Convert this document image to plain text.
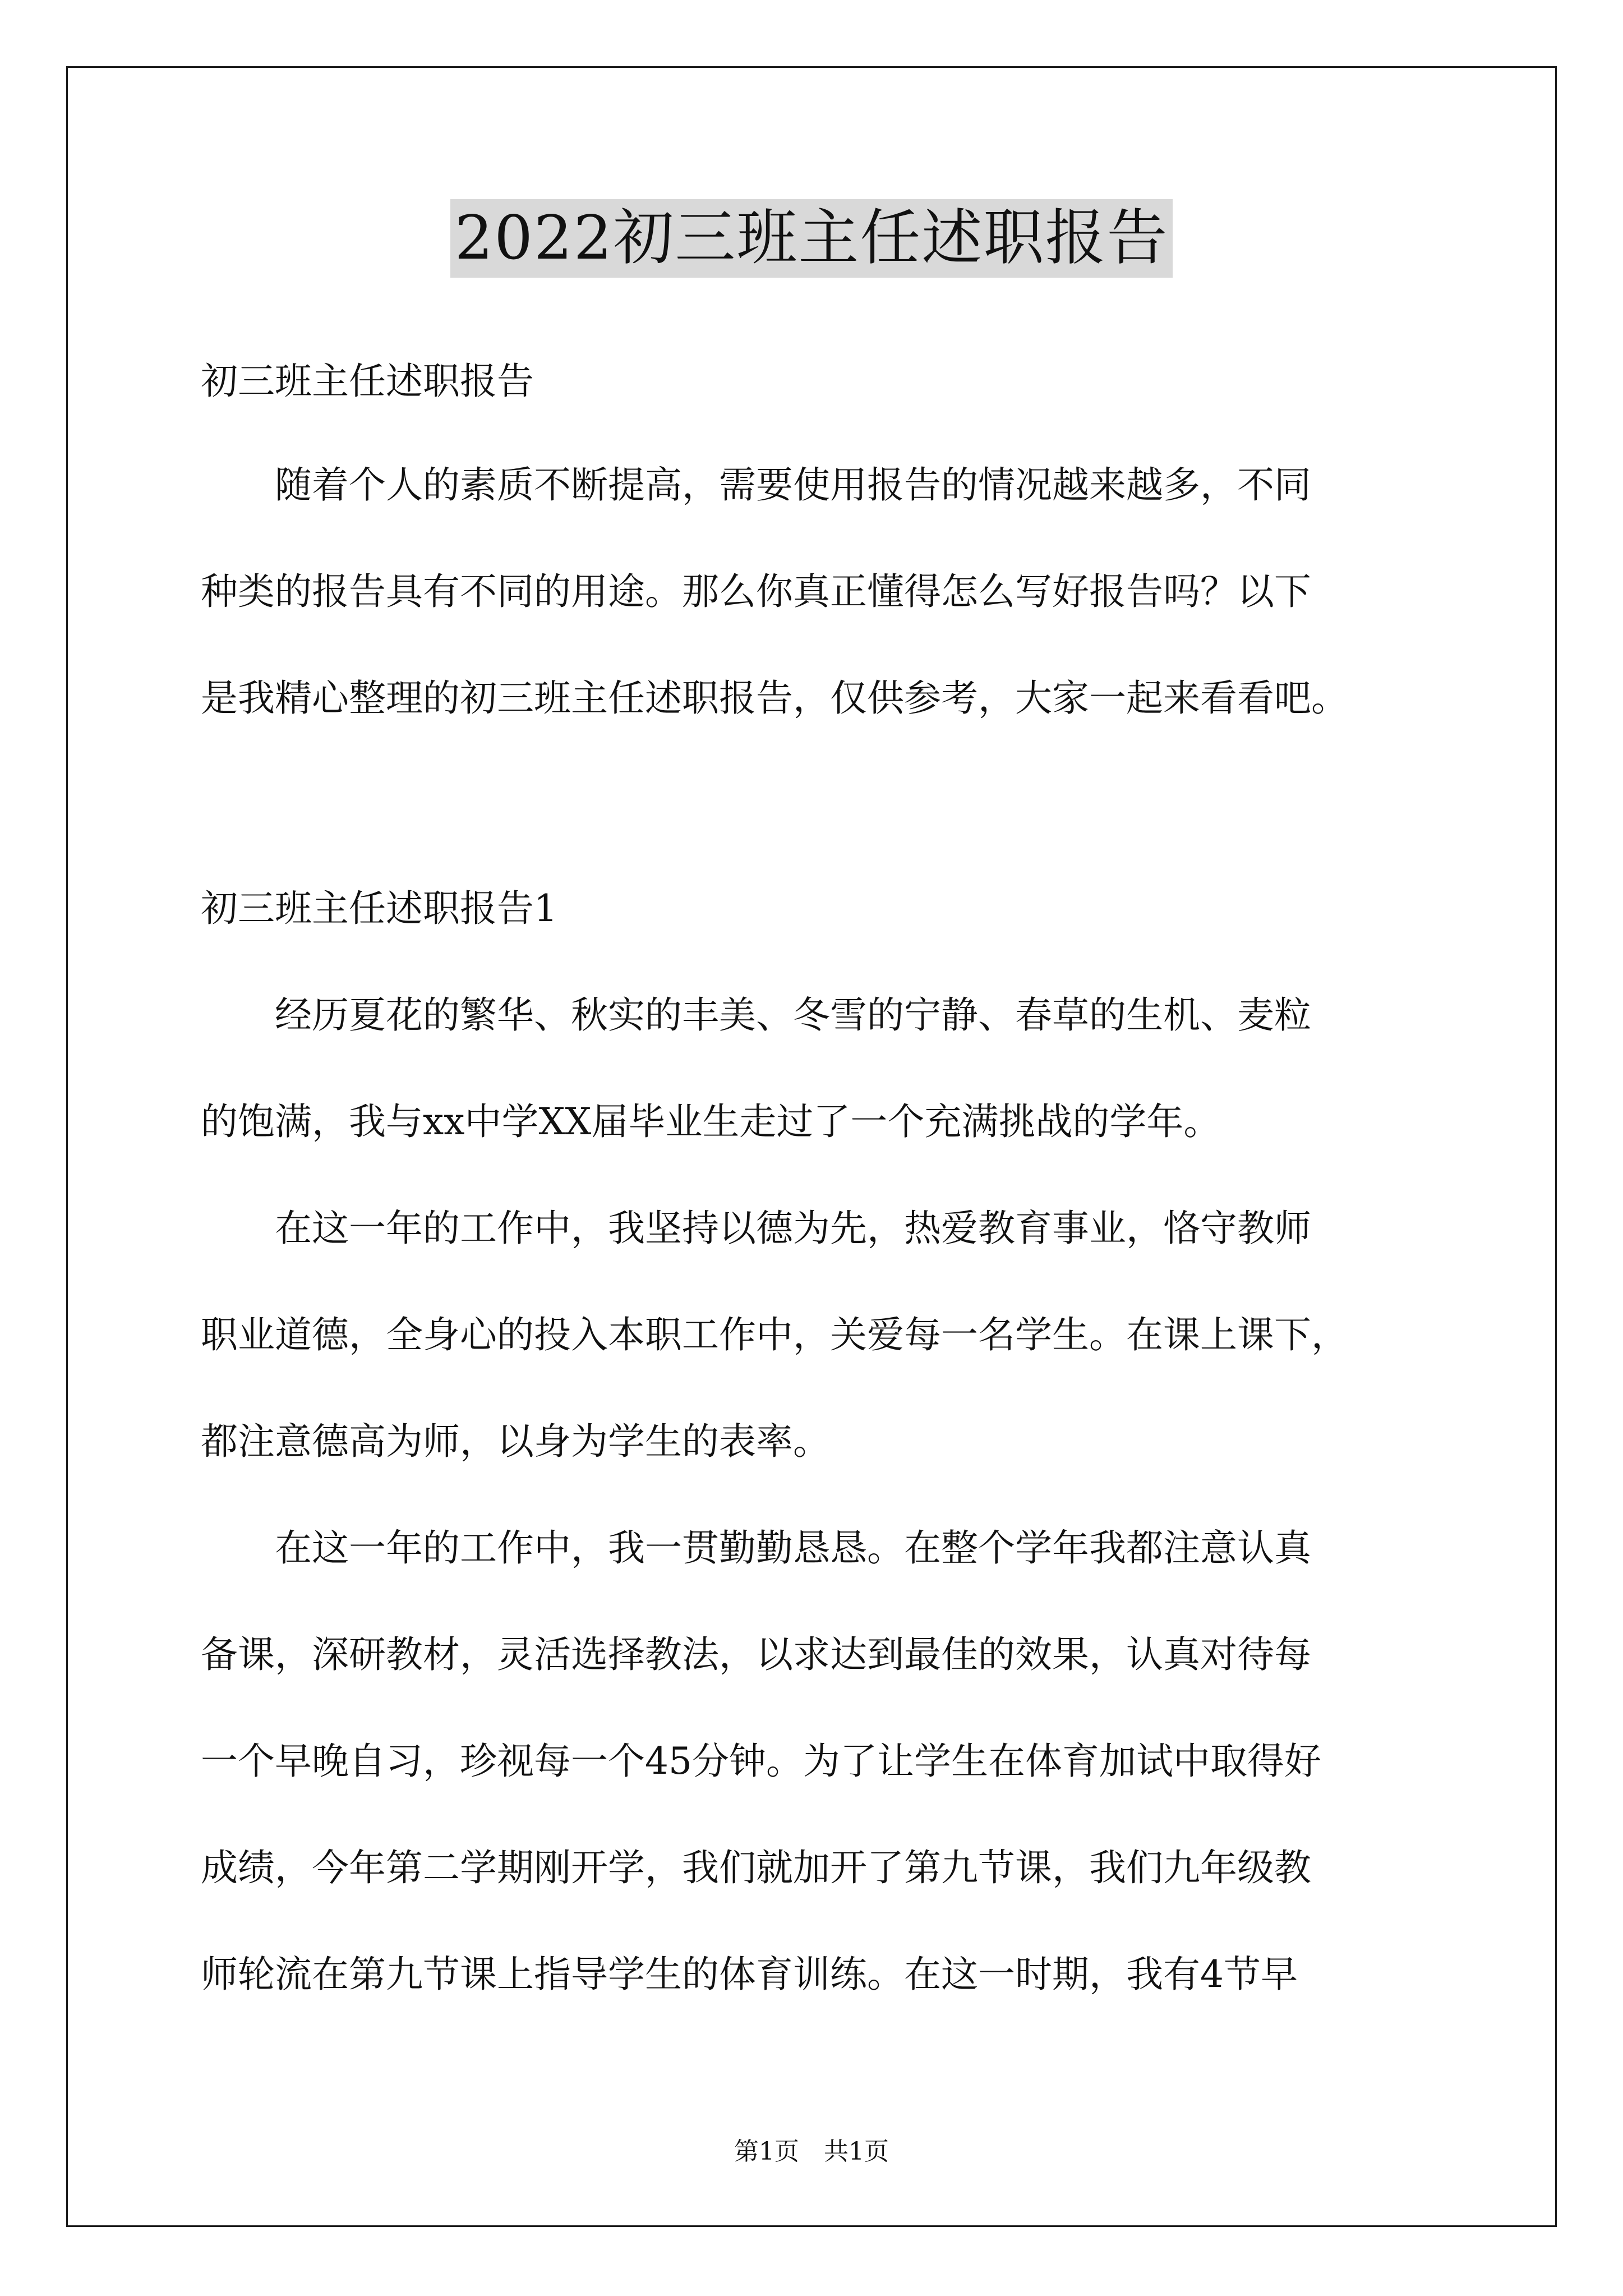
2022初三班主任述职报告
初三班主任述职报告
　　随着个人的素质不断提高，需要使用报告的情况越来越多，不同
种类的报告具有不同的用途。那么你真正懂得怎么写好报告吗？以下
是我精心整理的初三班主任述职报告，仅供参考，大家一起来看看吧。
初三班主任述职报告1
　　经历夏花的繁华、秋实的丰美、冬雪的宁静、春草的生机、麦粒
的饱满，我与xx中学XX届毕业生走过了一个充满挑战的学年。
　　在这一年的工作中，我坚持以德为先，热爱教育事业，恪守教师
职业道德，全身心的投入本职工作中，关爱每一名学生。在课上课下，
都注意德高为师，以身为学生的表率。
　　在这一年的工作中，我一贯勤勤恳恳。在整个学年我都注意认真
备课，深研教材，灵活选择教法，以求达到最佳的效果，认真对待每
一个早晚自习，珍视每一个45分钟。为了让学生在体育加试中取得好
成绩，今年第二学期刚开学，我们就加开了第九节课，我们九年级教
师轮流在第九节课上指导学生的体育训练。在这一时期，我有4节早
第1页　共1页
